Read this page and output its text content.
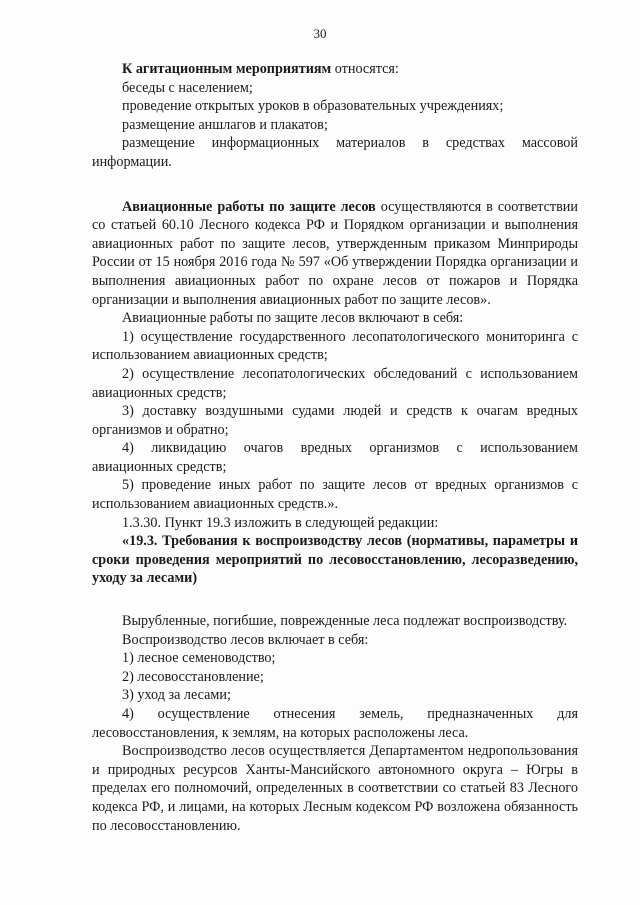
30

К агитационным мероприятиям относятся:

беседы с населением;

проведение открытых уроков в образовательных учреждениях;

размещение аншлагов и плакатов;

размещение информационных материалов в средствах массовой информации.

Авиационные работы по защите лесов осуществляются в соответствии со статьей 60.10 Лесного кодекса РФ и Порядком организации и выполнения авиационных работ по защите лесов, утвержденным приказом Минприроды России от 15 ноября 2016 года № 597 «Об утверждении Порядка организации и выполнения авиационных работ по охране лесов от пожаров и Порядка организации и выполнения авиационных работ по защите лесов».

Авиационные работы по защите лесов включают в себя:

1) осуществление государственного лесопатологического мониторинга с использованием авиационных средств;

2) осуществление лесопатологических обследований с использованием авиационных средств;

3) доставку воздушными судами людей и средств к очагам вредных организмов и обратно;

4) ликвидацию очагов вредных организмов с использованием авиационных средств;

5) проведение иных работ по защите лесов от вредных организмов с использованием авиационных средств.».

1.3.30. Пункт 19.3 изложить в следующей редакции:

«19.3. Требования к воспроизводству лесов (нормативы, параметры и сроки проведения мероприятий по лесовосстановлению, лесоразведению, уходу за лесами)

Вырубленные, погибшие, поврежденные леса подлежат воспроизводству.

Воспроизводство лесов включает в себя:

1) лесное семеноводство;

2) лесовосстановление;

3) уход за лесами;

4) осуществление отнесения земель, предназначенных для лесовосстановления, к землям, на которых расположены леса.

Воспроизводство лесов осуществляется Департаментом недропользования и природных ресурсов Ханты-Мансийского автономного округа – Югры в пределах его полномочий, определенных в соответствии со статьей 83 Лесного кодекса РФ, и лицами, на которых Лесным кодексом РФ возложена обязанность по лесовосстановлению.
